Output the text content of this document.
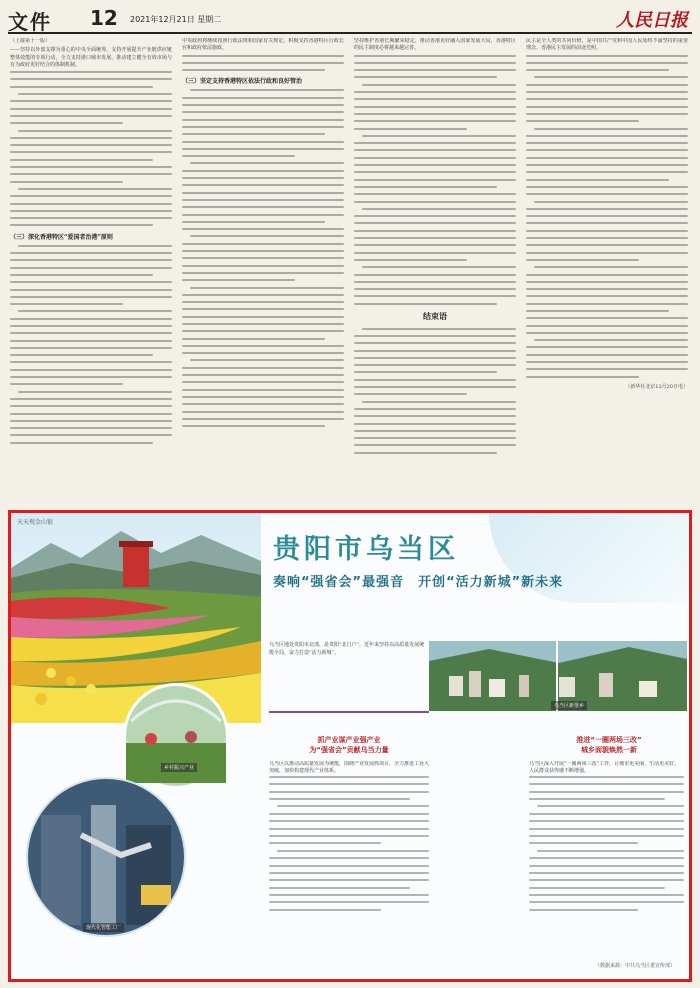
文件 12 2021年12月21日 星期二	人民日报

（上接第十一版）

——坚持以外部支撑为重心的中央全面统筹，支持开展提升产业链供应链整体效能的专项行动，全力支持港口城市发展，推动建立健全有效市场与有为政府更好结合的体制机制。

（三）深化香港特区“爱国者治港”原则

中央政府将继续按照行政法规和国家有关规定，积极支持香港特区行政长官和政府依法施政。

（三）坚定支持香港特区依法行政和良好管治

坚持维护香港长期繁荣稳定，推动香港更好融入国家发展大局，香港特区的民主制度必将越来越完善。

结束语

民主是全人类的共同价值，是中国共产党和中国人民始终不渝坚持的重要理念。香港民主发展的前途光明。

（新华社北京12月20日电）
乡村振兴产业
现代化智能工厂
天天观金山银
贵阳市乌当区
奏响“强省会”最强音　开创“活力新城”新未来

乌当区地处贵阳市北部，是贵阳“北门户”，近年来坚持以高质量发展统揽全局，奋力打造“活力新城”。

乌当区新堡乡
抓产业谋产业强产业
为“强省会”贡献乌当力量

乌当区以推动高质量发展为统揽，围绕产业发展抓项目，全力推进工业大突破，加快构建现代产业体系。

推进“一圈两场三改”
城乡面貌焕然一新

乌当区深入开展“一圈两场三改”工作，让城市更美丽、生活更美好，人民群众获得感不断增强。

（数据来源：中共乌当区委宣传部）
